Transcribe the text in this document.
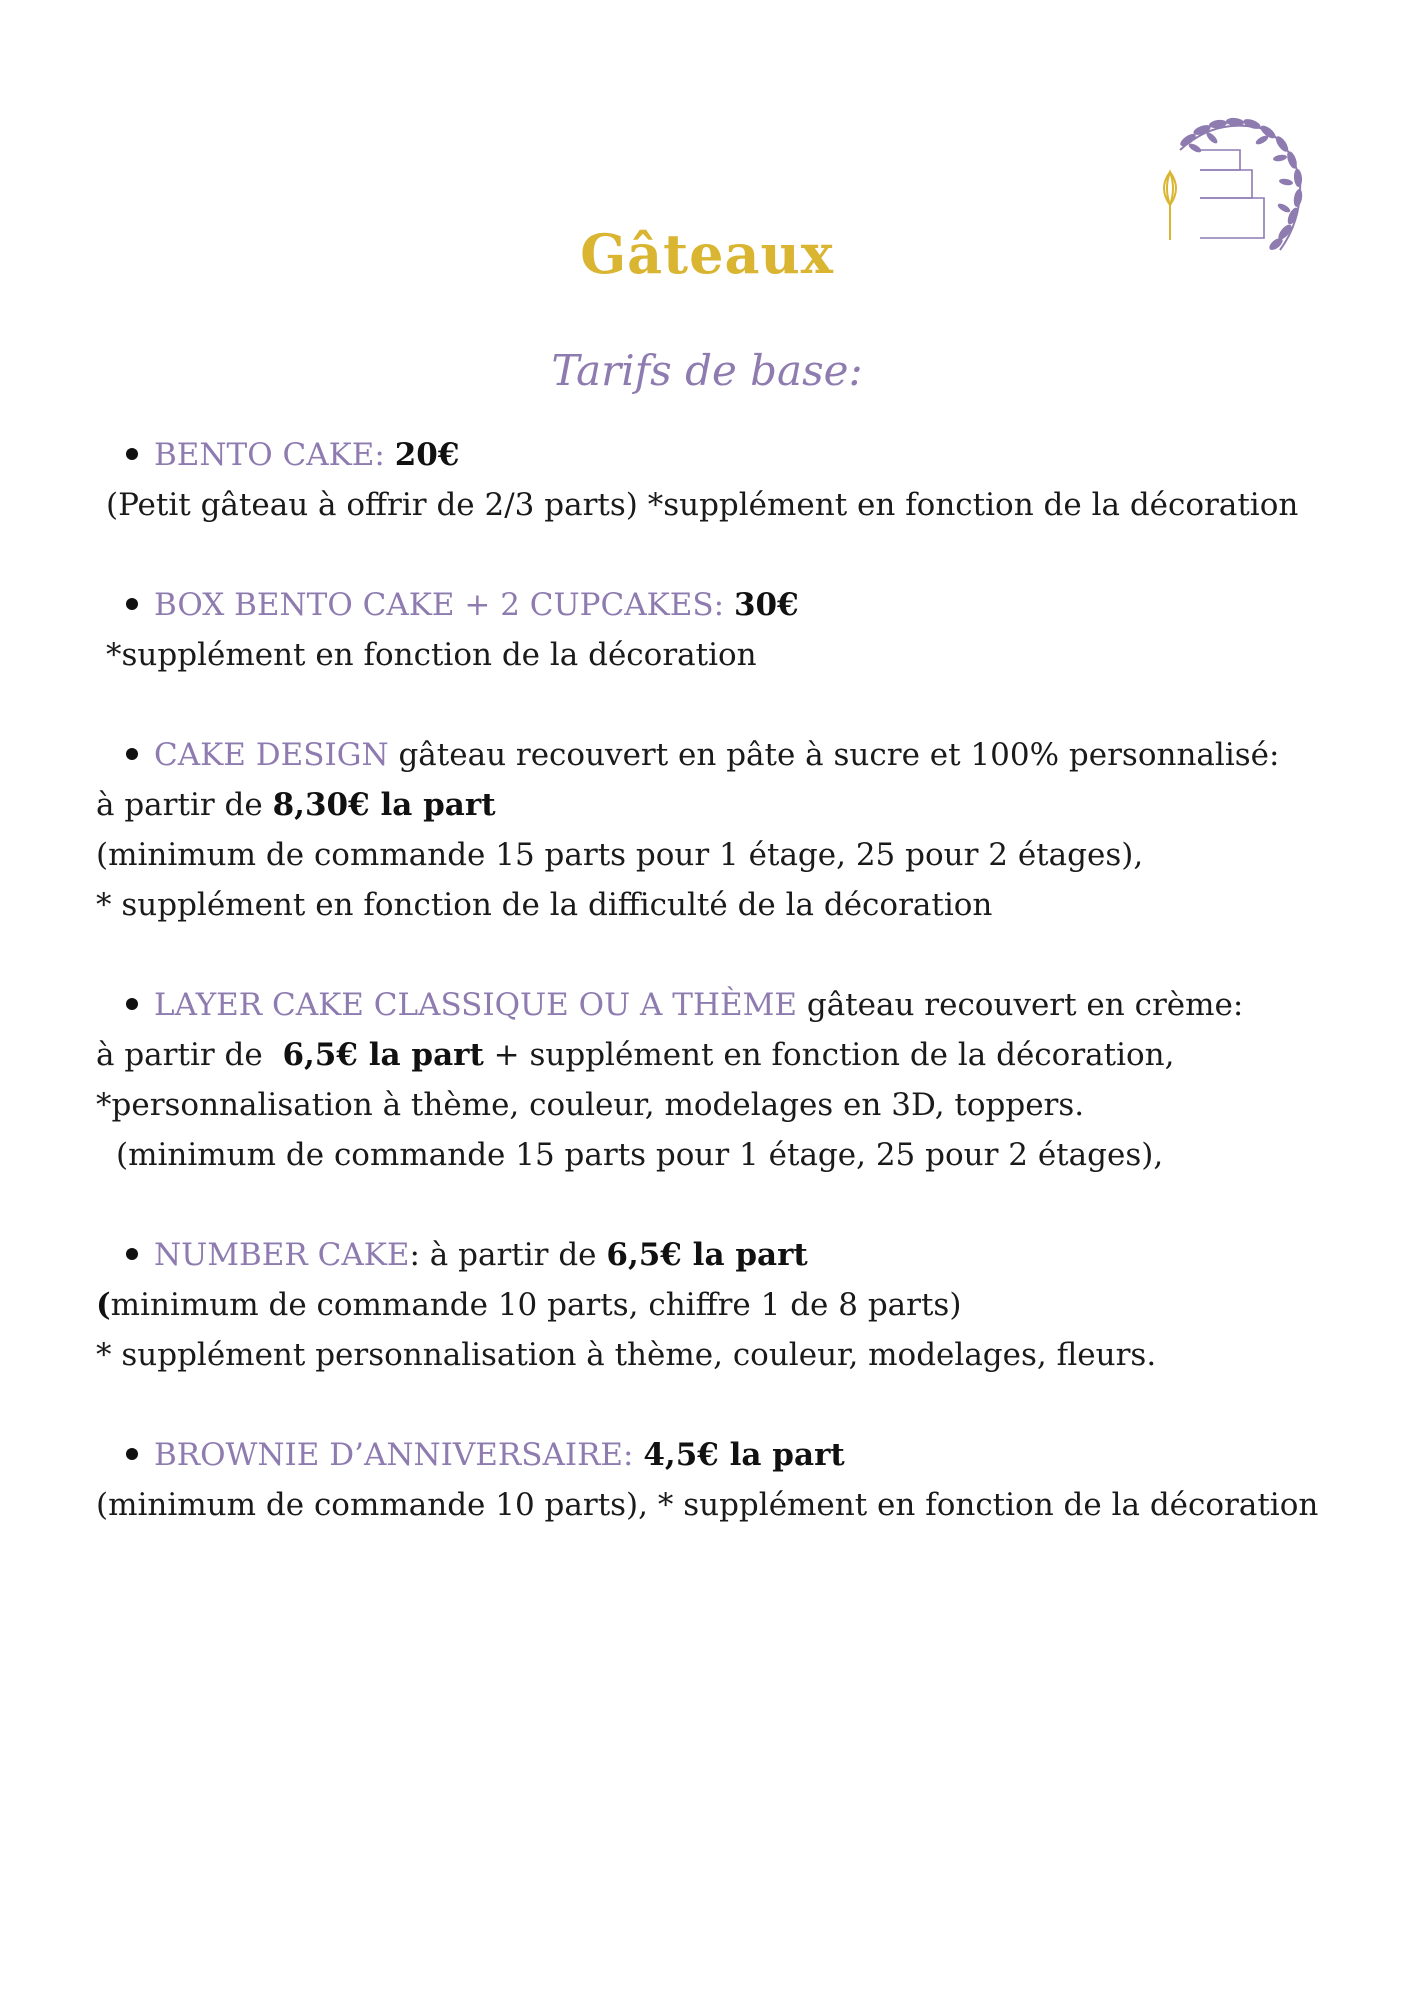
Gâteaux
Tarifs de base:
BENTO CAKE: 20€
(Petit gâteau à offrir de 2/3 parts) *supplément en fonction de la décoration
BOX BENTO CAKE + 2 CUPCAKES: 30€
*supplément en fonction de la décoration
CAKE DESIGN gâteau recouvert en pâte à sucre et 100% personnalisé:
à partir de 8,30€ la part
(minimum de commande 15 parts pour 1 étage, 25 pour 2 étages),
* supplément en fonction de la difficulté de la décoration
LAYER CAKE CLASSIQUE OU A THÈME gâteau recouvert en crème:
à partir de  6,5€ la part + supplément en fonction de la décoration,
*personnalisation à thème, couleur, modelages en 3D, toppers.
(minimum de commande 15 parts pour 1 étage, 25 pour 2 étages),
NUMBER CAKE: à partir de 6,5€ la part
(minimum de commande 10 parts, chiffre 1 de 8 parts)
* supplément personnalisation à thème, couleur, modelages, fleurs.
BROWNIE D’ANNIVERSAIRE: 4,5€ la part
(minimum de commande 10 parts), * supplément en fonction de la décoration
